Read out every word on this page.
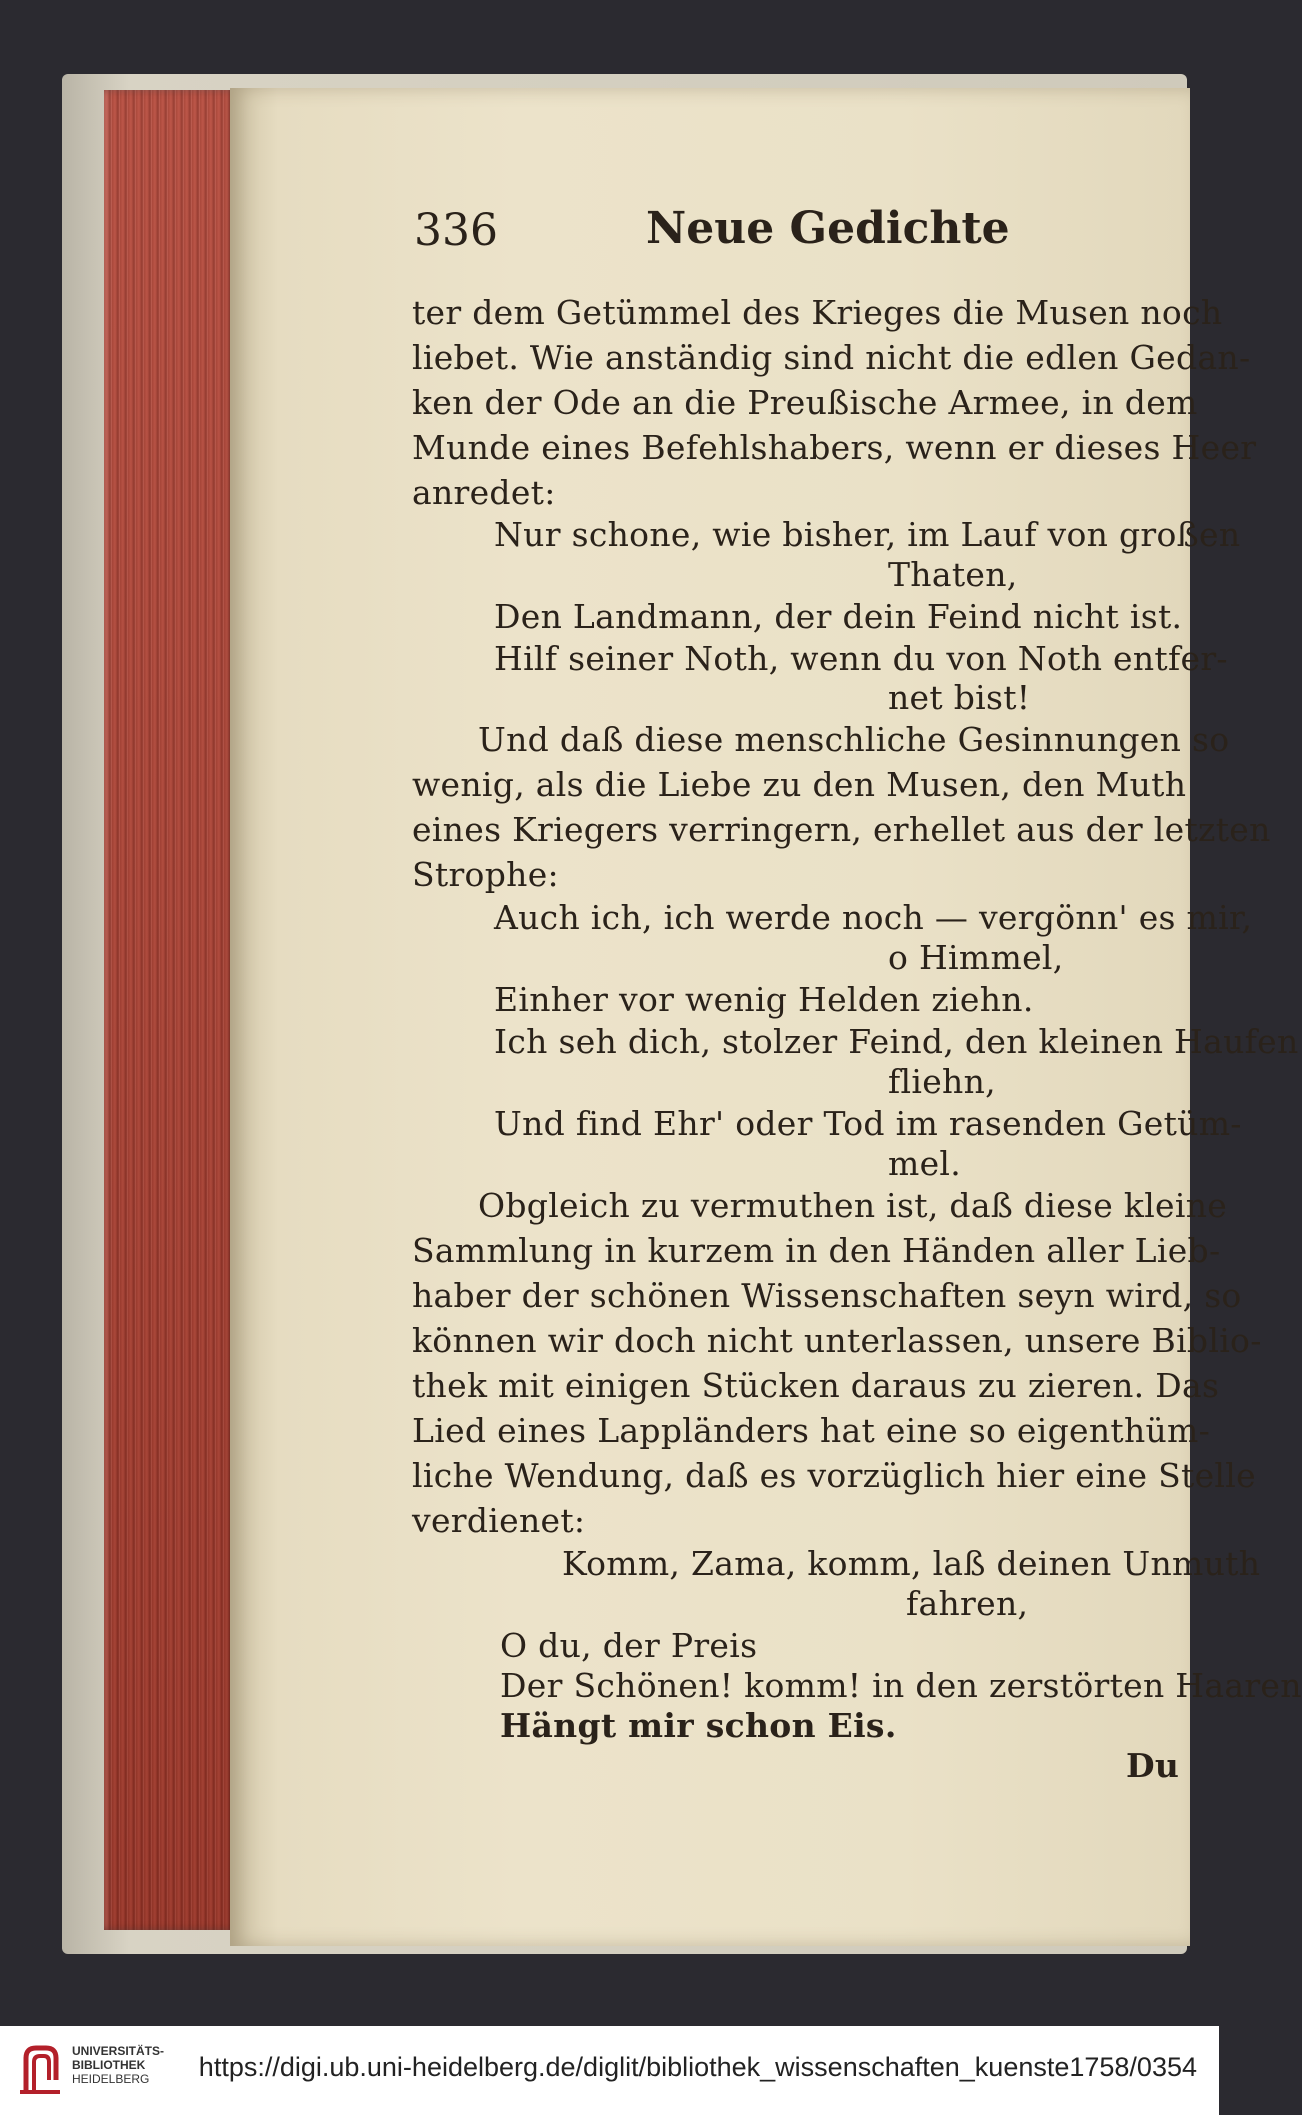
336	Neue Gedichte
ter dem Getümmel des Krieges die Musen noch
liebet. Wie anständig sind nicht die edlen Gedan-
ken der Ode an die Preußische Armee, in dem
Munde eines Befehlshabers, wenn er dieses Heer
anredet:
Nur schone, wie bisher, im Lauf von großen
Thaten,
Den Landmann, der dein Feind nicht ist.
Hilf seiner Noth, wenn du von Noth entfer-
net bist!
Und daß diese menschliche Gesinnungen so
wenig, als die Liebe zu den Musen, den Muth
eines Kriegers verringern, erhellet aus der letzten
Strophe:
Auch ich, ich werde noch — vergönn' es mir,
o Himmel,
Einher vor wenig Helden ziehn.
Ich seh dich, stolzer Feind, den kleinen Haufen
fliehn,
Und find Ehr' oder Tod im rasenden Getüm-
mel.
Obgleich zu vermuthen ist, daß diese kleine
Sammlung in kurzem in den Händen aller Lieb-
haber der schönen Wissenschaften seyn wird, so
können wir doch nicht unterlassen, unsere Biblio-
thek mit einigen Stücken daraus zu zieren. Das
Lied eines Lappländers hat eine so eigenthüm-
liche Wendung, daß es vorzüglich hier eine Stelle
verdienet:
Komm, Zama, komm, laß deinen Unmuth
fahren,
O du, der Preis
Der Schönen! komm! in den zerstörten Haaren
Hängt mir schon Eis.
Du
UNIVERSITÄTS-
BIBLIOTHEK
HEIDELBERG	https://digi.ub.uni-heidelberg.de/diglit/bibliothek_wissenschaften_kuenste1758/0354
